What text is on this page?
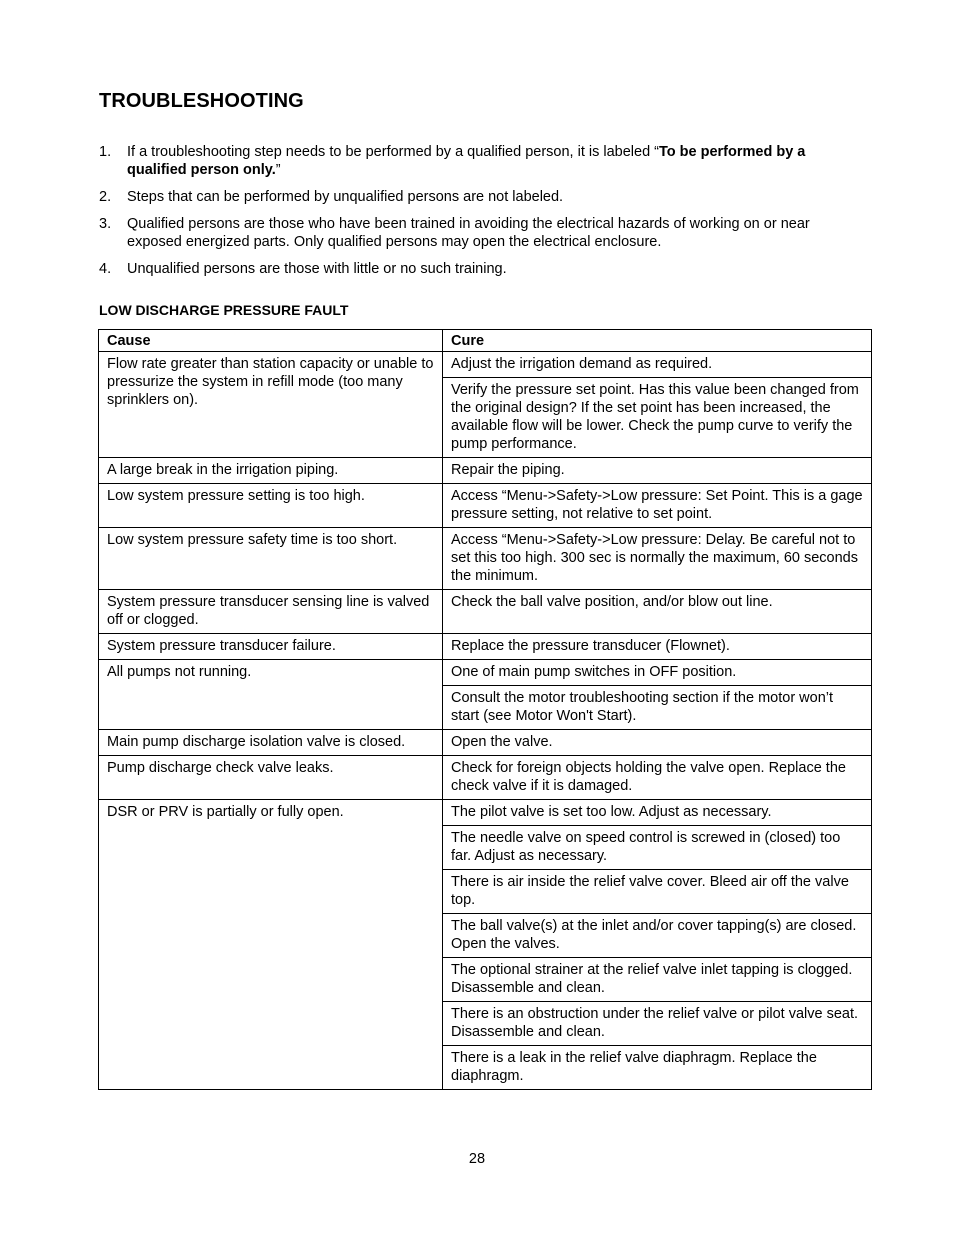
TROUBLESHOOTING
1.	If a troubleshooting step needs to be performed by a qualified person, it is labeled “To be performed by a qualified person only.”
2.	Steps that can be performed by unqualified persons are not labeled.
3.	Qualified persons are those who have been trained in avoiding the electrical hazards of working on or near exposed energized parts. Only qualified persons may open the electrical enclosure.
4.	Unqualified persons are those with little or no such training.
LOW DISCHARGE PRESSURE FAULT
Cause	Cure
Flow rate greater than station capacity or unable to pressurize the system in refill mode (too many sprinklers on).	Adjust the irrigation demand as required.
	Verify the pressure set point. Has this value been changed from the original design? If the set point has been increased, the available flow will be lower. Check the pump curve to verify the pump performance.
A large break in the irrigation piping.	Repair the piping.
Low system pressure setting is too high.	Access “Menu->Safety->Low pressure: Set Point. This is a gage pressure setting, not relative to set point.
Low system pressure safety time is too short.	Access “Menu->Safety->Low pressure: Delay. Be careful not to set this too high. 300 sec is normally the maximum, 60 seconds the minimum.
System pressure transducer sensing line is valved off or clogged.	Check the ball valve position, and/or blow out line.
System pressure transducer failure.	Replace the pressure transducer (Flownet).
All pumps not running.	One of main pump switches in OFF position.
	Consult the motor troubleshooting section if the motor won’t start (see Motor Won't Start).
Main pump discharge isolation valve is closed.	Open the valve.
Pump discharge check valve leaks.	Check for foreign objects holding the valve open. Replace the check valve if it is damaged.
DSR or PRV is partially or fully open.	The pilot valve is set too low. Adjust as necessary.
	The needle valve on speed control is screwed in (closed) too far. Adjust as necessary.
	There is air inside the relief valve cover. Bleed air off the valve top.
	The ball valve(s) at the inlet and/or cover tapping(s) are closed. Open the valves.
	The optional strainer at the relief valve inlet tapping is clogged. Disassemble and clean.
	There is an obstruction under the relief valve or pilot valve seat. Disassemble and clean.
	There is a leak in the relief valve diaphragm. Replace the diaphragm.
28
